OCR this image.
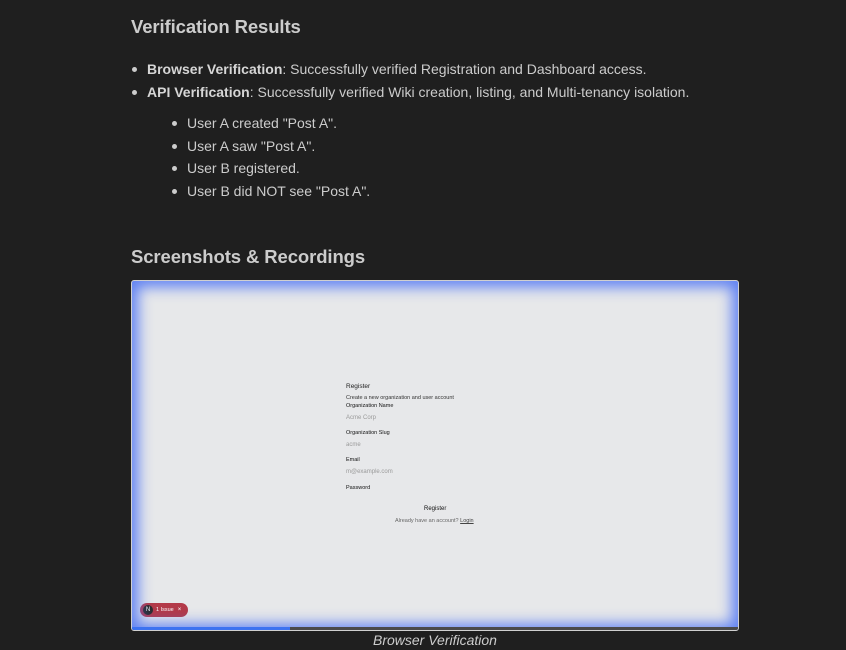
Verification Results
Browser Verification: Successfully verified Registration and Dashboard access.
API Verification: Successfully verified Wiki creation, listing, and Multi-tenancy isolation.
User A created "Post A".
User A saw "Post A".
User B registered.
User B did NOT see "Post A".
Screenshots & Recordings
Register
Create a new organization and user account
Organization Name
Acme Corp
Organization Slug
acme
Email
m@example.com
Password
Register
Already have an account? Login
N	1 Issue ×
Browser Verification
